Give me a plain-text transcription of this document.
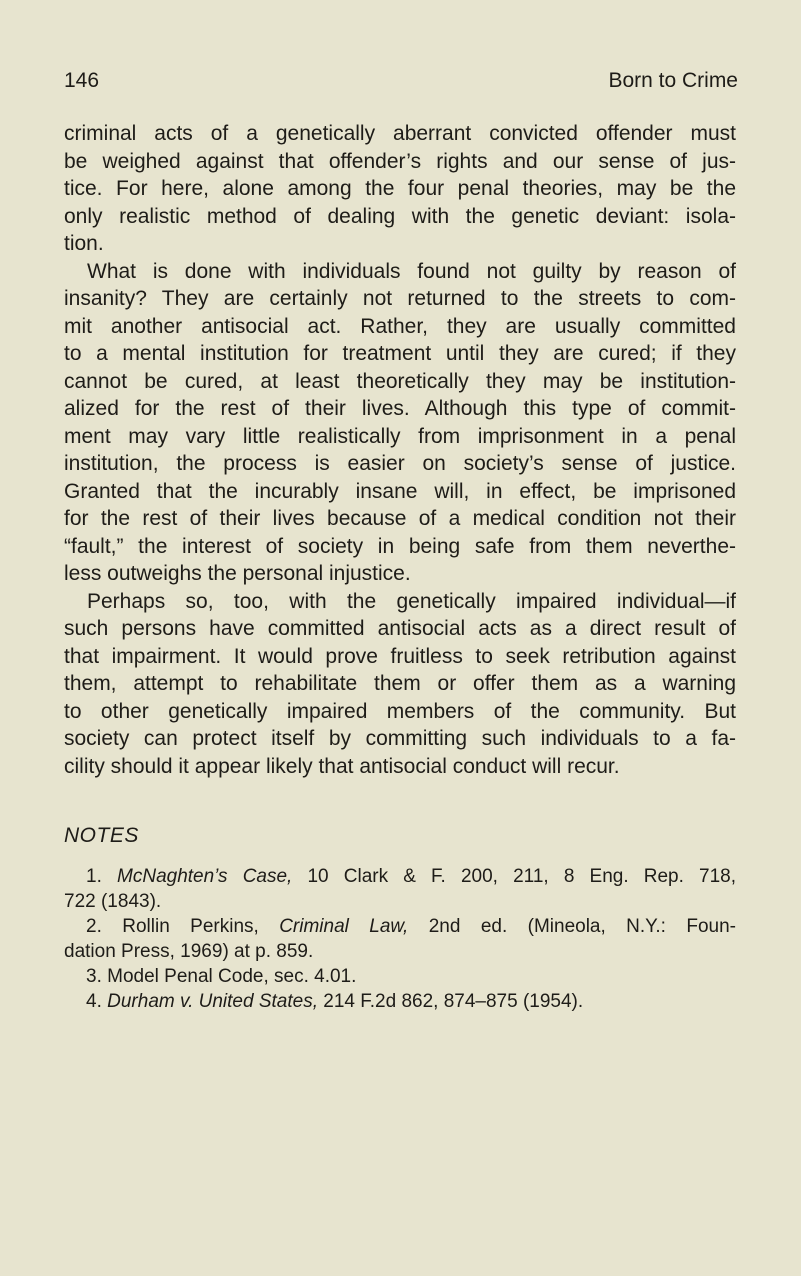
146	Born to Crime
criminal acts of a genetically aberrant convicted offender must
be weighed against that offender’s rights and our sense of jus-
tice. For here, alone among the four penal theories, may be the
only realistic method of dealing with the genetic deviant: isola-
tion.
What is done with individuals found not guilty by reason of
insanity? They are certainly not returned to the streets to com-
mit another antisocial act. Rather, they are usually committed
to a mental institution for treatment until they are cured; if they
cannot be cured, at least theoretically they may be institution-
alized for the rest of their lives. Although this type of commit-
ment may vary little realistically from imprisonment in a penal
institution, the process is easier on society’s sense of justice.
Granted that the incurably insane will, in effect, be imprisoned
for the rest of their lives because of a medical condition not their
“fault,” the interest of society in being safe from them neverthe-
less outweighs the personal injustice.
Perhaps so, too, with the genetically impaired individual—if
such persons have committed antisocial acts as a direct result of
that impairment. It would prove fruitless to seek retribution against
them, attempt to rehabilitate them or offer them as a warning
to other genetically impaired members of the community. But
society can protect itself by committing such individuals to a fa-
cility should it appear likely that antisocial conduct will recur.
NOTES
1. McNaghten’s Case, 10 Clark & F. 200, 211, 8 Eng. Rep. 718,
722 (1843).
2. Rollin Perkins, Criminal Law, 2nd ed. (Mineola, N.Y.: Foun-
dation Press, 1969) at p. 859.
3. Model Penal Code, sec. 4.01.
4. Durham v. United States, 214 F.2d 862, 874–875 (1954).
